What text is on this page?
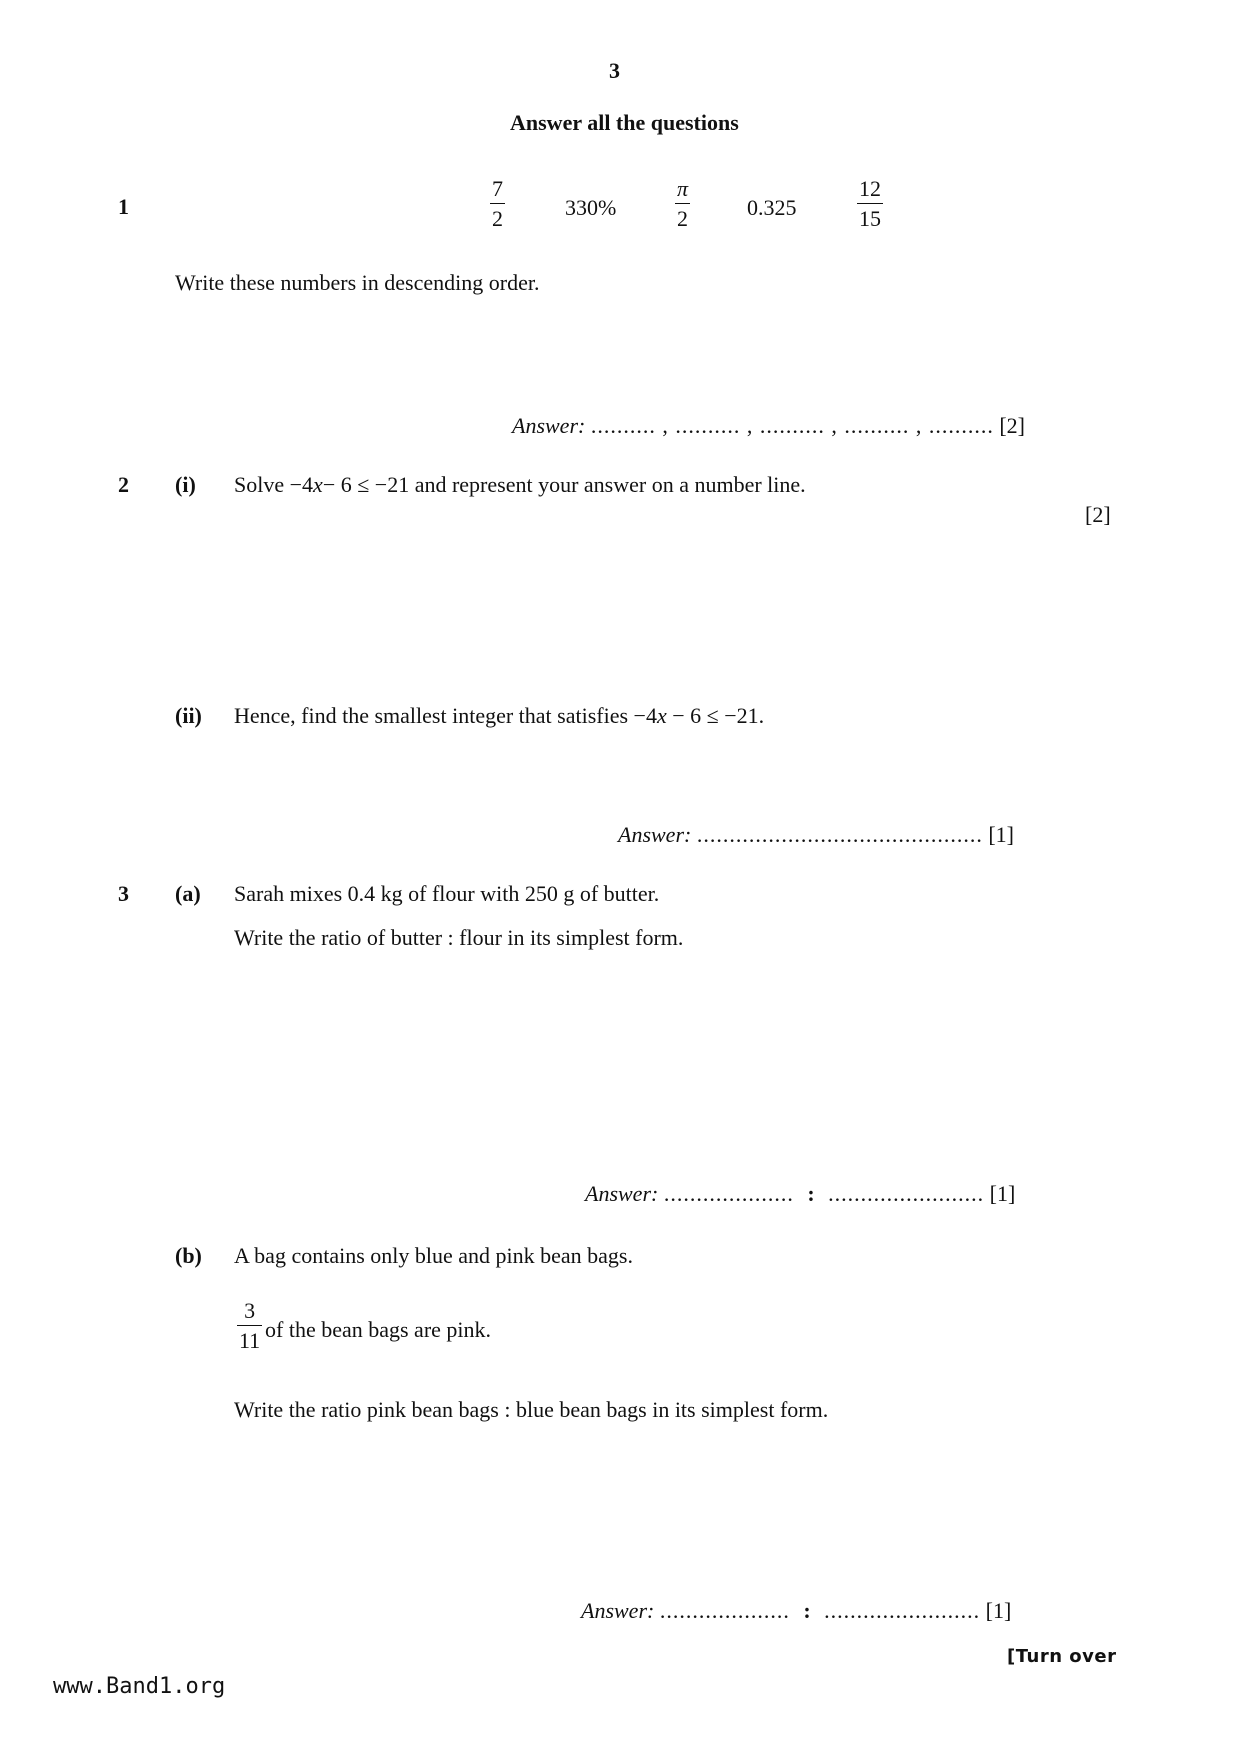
3
Answer all the questions
1
7
2	330%
π
2	0.325
12
15
Write these numbers in descending order.
Answer: .......... , .......... , .......... , .......... , .......... [2]
2 (i) Solve −4x− 6 ≤ −21 and represent your answer on a number line.
[2]
(ii) Hence, find the smallest integer that satisfies −4x − 6 ≤ −21.
Answer: ............................................ [1]
3 (a) Sarah mixes 0.4 kg of flour with 250 g of butter.
Write the ratio of butter : flour in its simplest form.
Answer: .................... : ........................ [1]
(b) A bag contains only blue and pink bean bags.
3
11 of the bean bags are pink.
Write the ratio pink bean bags : blue bean bags in its simplest form.
Answer: .................... : ........................ [1]
[Turn over
www.Band1.org
